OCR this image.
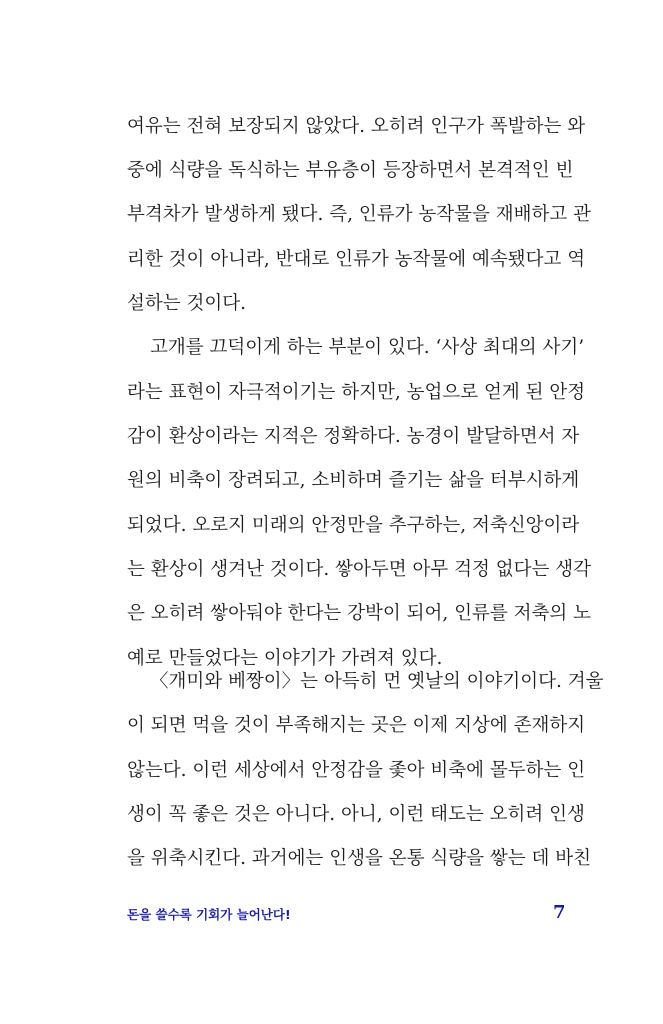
여유는 전혀 보장되지 않았다. 오히려 인구가 폭발하는 와
중에 식량을 독식하는 부유층이 등장하면서 본격적인 빈
부격차가 발생하게 됐다. 즉, 인류가 농작물을 재배하고 관
리한 것이 아니라, 반대로 인류가 농작물에 예속됐다고 역
설하는 것이다.
고개를 끄덕이게 하는 부분이 있다. ‘사상 최대의 사기’
라는 표현이 자극적이기는 하지만, 농업으로 얻게 된 안정
감이 환상이라는 지적은 정확하다. 농경이 발달하면서 자
원의 비축이 장려되고, 소비하며 즐기는 삶을 터부시하게
되었다. 오로지 미래의 안정만을 추구하는, 저축신앙이라
는 환상이 생겨난 것이다. 쌓아두면 아무 걱정 없다는 생각
은 오히려 쌓아둬야 한다는 강박이 되어, 인류를 저축의 노
예로 만들었다는 이야기가 가려져 있다.
〈개미와 베짱이〉는 아득히 먼 옛날의 이야기이다. 겨울
이 되면 먹을 것이 부족해지는 곳은 이제 지상에 존재하지
않는다. 이런 세상에서 안정감을 좇아 비축에 몰두하는 인
생이 꼭 좋은 것은 아니다. 아니, 이런 태도는 오히려 인생
을 위축시킨다. 과거에는 인생을 온통 식량을 쌓는 데 바친
돈을 쓸수록 기회가 늘어난다!	7
